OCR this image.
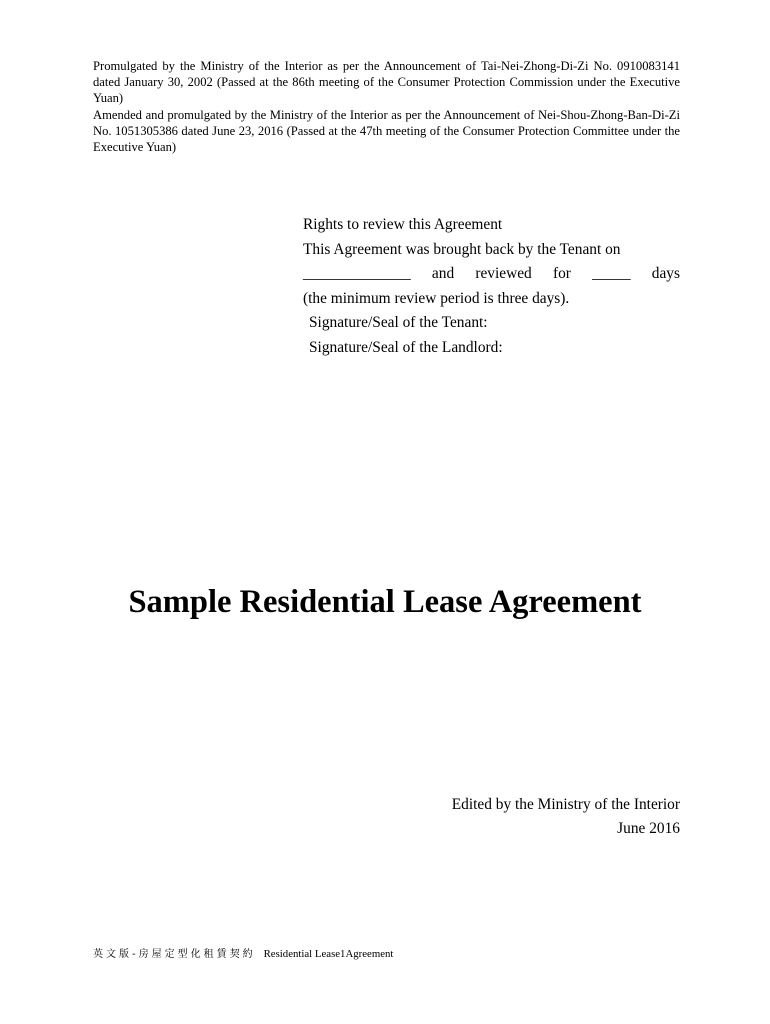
Promulgated by the Ministry of the Interior as per the Announcement of Tai-Nei-Zhong-Di-Zi No. 0910083141 dated January 30, 2002 (Passed at the 86th meeting of the Consumer Protection Commission under the Executive Yuan)

Amended and promulgated by the Ministry of the Interior as per the Announcement of Nei-Shou-Zhong-Ban-Di-Zi No. 1051305386 dated June 23, 2016 (Passed at the 47th meeting of the Consumer Protection Committee under the Executive Yuan)

Rights to review this Agreement
This Agreement was brought back by the Tenant on
______________ and reviewed for _____ days
(the minimum review period is three days).
Signature/Seal of the Tenant:
Signature/Seal of the Landlord:
Sample Residential Lease Agreement
Edited by the Ministry of the Interior
June 2016
英文版-房屋定型化租賃契約 Residential Lease1Agreement
